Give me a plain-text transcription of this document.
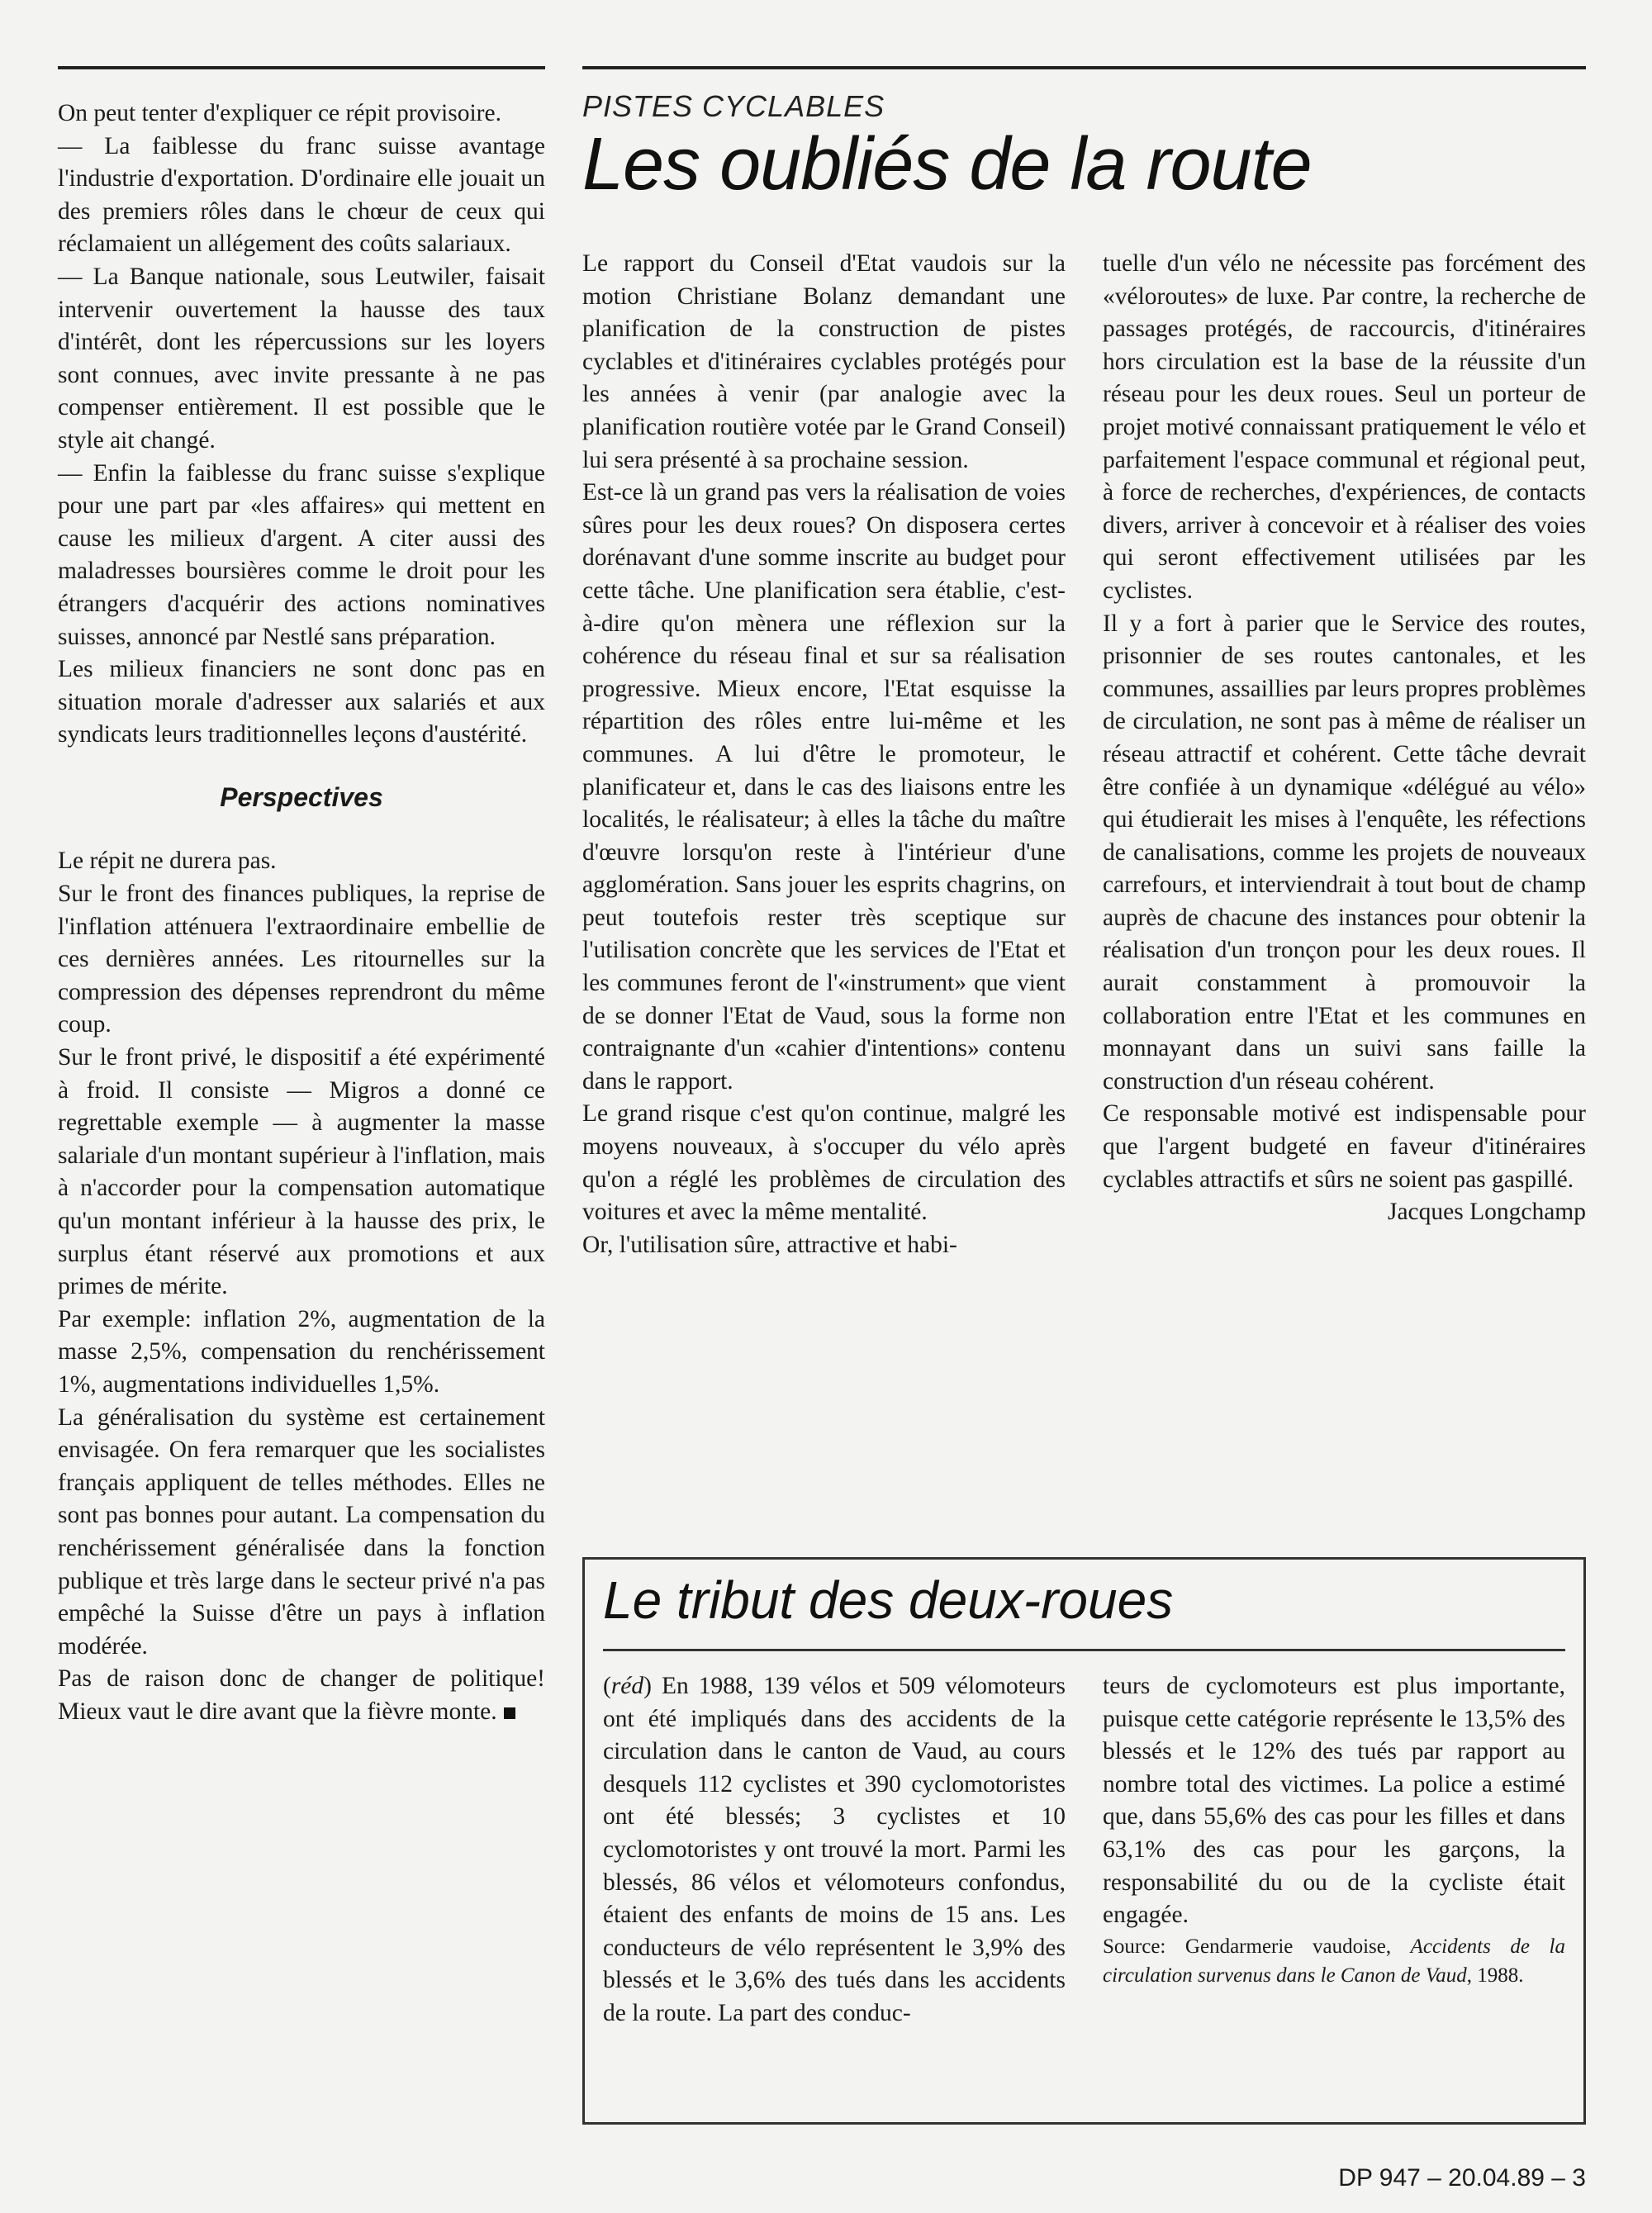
On peut tenter d'expliquer ce répit provisoire.

— La faiblesse du franc suisse avantage l'industrie d'exportation. D'ordinaire elle jouait un des premiers rôles dans le chœur de ceux qui réclamaient un allégement des coûts salariaux.

— La Banque nationale, sous Leutwiler, faisait intervenir ouvertement la hausse des taux d'intérêt, dont les répercussions sur les loyers sont connues, avec invite pressante à ne pas compenser entièrement. Il est possible que le style ait changé.

— Enfin la faiblesse du franc suisse s'explique pour une part par «les affaires» qui mettent en cause les milieux d'argent. A citer aussi des maladresses boursières comme le droit pour les étrangers d'acquérir des actions nominatives suisses, annoncé par Nestlé sans préparation.

Les milieux financiers ne sont donc pas en situation morale d'adresser aux salariés et aux syndicats leurs traditionnelles leçons d'austérité.

Perspectives

Le répit ne durera pas.

Sur le front des finances publiques, la reprise de l'inflation atténuera l'extraordinaire embellie de ces dernières années. Les ritournelles sur la compression des dépenses reprendront du même coup.

Sur le front privé, le dispositif a été expérimenté à froid. Il consiste — Migros a donné ce regrettable exemple — à augmenter la masse salariale d'un montant supérieur à l'inflation, mais à n'accorder pour la compensation automatique qu'un montant inférieur à la hausse des prix, le surplus étant réservé aux promotions et aux primes de mérite.

Par exemple: inflation 2%, augmentation de la masse 2,5%, compensation du renchérissement 1%, augmentations individuelles 1,5%.

La généralisation du système est certainement envisagée. On fera remarquer que les socialistes français appliquent de telles méthodes. Elles ne sont pas bonnes pour autant. La compensation du renchérissement généralisée dans la fonction publique et très large dans le secteur privé n'a pas empêché la Suisse d'être un pays à inflation modérée.

Pas de raison donc de changer de politique! Mieux vaut le dire avant que la fièvre monte.

PISTES CYCLABLES
Les oubliés de la route

Le rapport du Conseil d'Etat vaudois sur la motion Christiane Bolanz demandant une planification de la construction de pistes cyclables et d'itinéraires cyclables protégés pour les années à venir (par analogie avec la planification routière votée par le Grand Conseil) lui sera présenté à sa prochaine session.

Est-ce là un grand pas vers la réalisation de voies sûres pour les deux roues? On disposera certes dorénavant d'une somme inscrite au budget pour cette tâche. Une planification sera établie, c'est-à-dire qu'on mènera une réflexion sur la cohérence du réseau final et sur sa réalisation progressive. Mieux encore, l'Etat esquisse la répartition des rôles entre lui-même et les communes. A lui d'être le promoteur, le planificateur et, dans le cas des liaisons entre les localités, le réalisateur; à elles la tâche du maître d'œuvre lorsqu'on reste à l'intérieur d'une agglomération. Sans jouer les esprits chagrins, on peut toutefois rester très sceptique sur l'utilisation concrète que les services de l'Etat et les communes feront de l'«instrument» que vient de se donner l'Etat de Vaud, sous la forme non contraignante d'un «cahier d'intentions» contenu dans le rapport.

Le grand risque c'est qu'on continue, malgré les moyens nouveaux, à s'occuper du vélo après qu'on a réglé les problèmes de circulation des voitures et avec la même mentalité.

Or, l'utilisation sûre, attractive et habi-

tuelle d'un vélo ne nécessite pas forcément des «véloroutes» de luxe. Par contre, la recherche de passages protégés, de raccourcis, d'itinéraires hors circulation est la base de la réussite d'un réseau pour les deux roues. Seul un porteur de projet motivé connaissant pratiquement le vélo et parfaitement l'espace communal et régional peut, à force de recherches, d'expériences, de contacts divers, arriver à concevoir et à réaliser des voies qui seront effectivement utilisées par les cyclistes.

Il y a fort à parier que le Service des routes, prisonnier de ses routes cantonales, et les communes, assaillies par leurs propres problèmes de circulation, ne sont pas à même de réaliser un réseau attractif et cohérent. Cette tâche devrait être confiée à un dynamique «délégué au vélo» qui étudierait les mises à l'enquête, les réfections de canalisations, comme les projets de nouveaux carrefours, et interviendrait à tout bout de champ auprès de chacune des instances pour obtenir la réalisation d'un tronçon pour les deux roues. Il aurait constamment à promouvoir la collaboration entre l'Etat et les communes en monnayant dans un suivi sans faille la construction d'un réseau cohérent.

Ce responsable motivé est indispensable pour que l'argent budgeté en faveur d'itinéraires cyclables attractifs et sûrs ne soient pas gaspillé.

Jacques Longchamp

Le tribut des deux-roues

(réd) En 1988, 139 vélos et 509 vélomoteurs ont été impliqués dans des accidents de la circulation dans le canton de Vaud, au cours desquels 112 cyclistes et 390 cyclomotoristes ont été blessés; 3 cyclistes et 10 cyclomotoristes y ont trouvé la mort. Parmi les blessés, 86 vélos et vélomoteurs confondus, étaient des enfants de moins de 15 ans. Les conducteurs de vélo représentent le 3,9% des blessés et le 3,6% des tués dans les accidents de la route. La part des conduc-

teurs de cyclomoteurs est plus importante, puisque cette catégorie représente le 13,5% des blessés et le 12% des tués par rapport au nombre total des victimes. La police a estimé que, dans 55,6% des cas pour les filles et dans 63,1% des cas pour les garçons, la responsabilité du ou de la cycliste était engagée.

Source: Gendarmerie vaudoise, Accidents de la circulation survenus dans le Canon de Vaud, 1988.

DP 947 – 20.04.89 – 3
